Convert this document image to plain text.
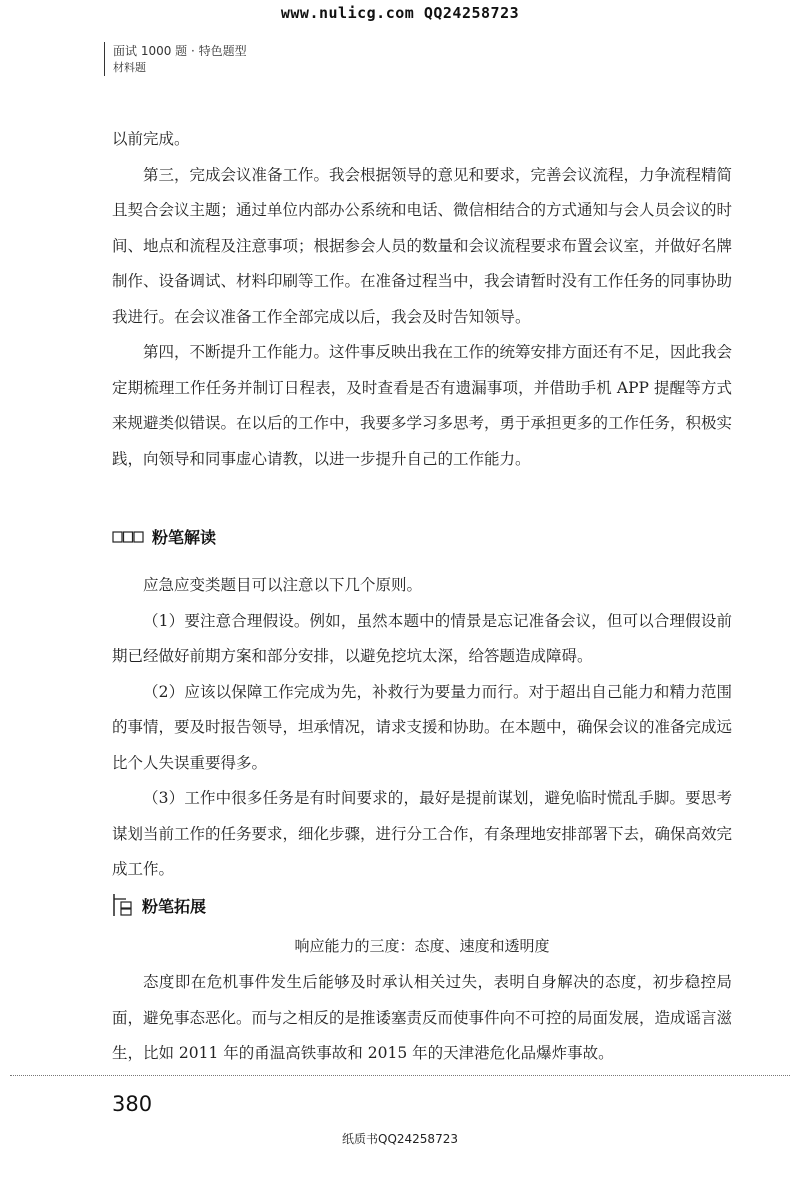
www.nulicg.com QQ24258723
面试 1000 题 · 特色题型
材料题

以前完成。

第三，完成会议准备工作。我会根据领导的意见和要求，完善会议流程，力争流程精简且契合会议主题；通过单位内部办公系统和电话、微信相结合的方式通知与会人员会议的时间、地点和流程及注意事项；根据参会人员的数量和会议流程要求布置会议室，并做好名牌制作、设备调试、材料印刷等工作。在准备过程当中，我会请暂时没有工作任务的同事协助我进行。在会议准备工作全部完成以后，我会及时告知领导。

第四，不断提升工作能力。这件事反映出我在工作的统筹安排方面还有不足，因此我会定期梳理工作任务并制订日程表，及时查看是否有遗漏事项，并借助手机 APP 提醒等方式来规避类似错误。在以后的工作中，我要多学习多思考，勇于承担更多的工作任务，积极实践，向领导和同事虚心请教，以进一步提升自己的工作能力。

粉笔解读

应急应变类题目可以注意以下几个原则。

（1）要注意合理假设。例如，虽然本题中的情景是忘记准备会议，但可以合理假设前期已经做好前期方案和部分安排，以避免挖坑太深，给答题造成障碍。

（2）应该以保障工作完成为先，补救行为要量力而行。对于超出自己能力和精力范围的事情，要及时报告领导，坦承情况，请求支援和协助。在本题中，确保会议的准备完成远比个人失误重要得多。

（3）工作中很多任务是有时间要求的，最好是提前谋划，避免临时慌乱手脚。要思考谋划当前工作的任务要求，细化步骤，进行分工合作，有条理地安排部署下去，确保高效完成工作。

粉笔拓展
响应能力的三度：态度、速度和透明度

态度即在危机事件发生后能够及时承认相关过失，表明自身解决的态度，初步稳控局面，避免事态恶化。而与之相反的是推诿塞责反而使事件向不可控的局面发展，造成谣言滋生，比如 2011 年的甬温高铁事故和 2015 年的天津港危化品爆炸事故。

380
纸质书QQ24258723
